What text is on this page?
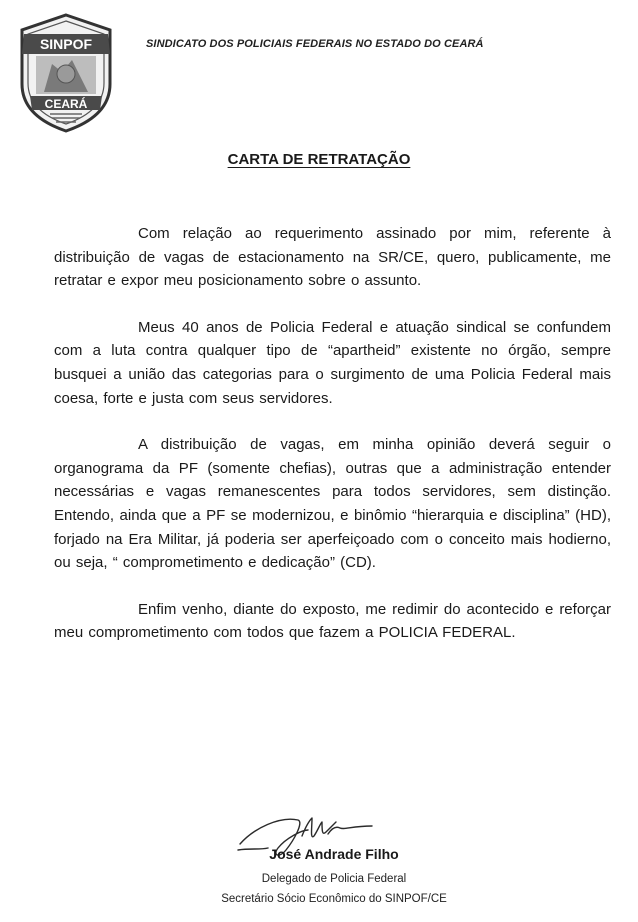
SINPOF
CEARÁ
SINDICATO DOS POLICIAIS FEDERAIS NO ESTADO DO CEARÁ
CARTA DE RETRATAÇÃO

Com relação ao requerimento assinado por mim, referente à distribuição de vagas de estacionamento na SR/CE, quero, publicamente, me retratar e expor meu posicionamento sobre o assunto.

Meus 40 anos de Policia Federal e atuação sindical se confundem com a luta contra qualquer tipo de “apartheid” existente no órgão, sempre busquei a união das categorias para o surgimento de uma Policia Federal mais coesa, forte e justa com seus servidores.

A distribuição de vagas, em minha opinião deverá seguir o organograma da PF (somente chefias), outras que a administração entender necessárias e vagas remanescentes para todos servidores, sem distinção. Entendo, ainda que a PF se modernizou, e binômio “hierarquia e disciplina” (HD), forjado na Era Militar, já poderia ser aperfeiçoado com o conceito mais hodierno, ou seja, “ comprometimento e dedicação” (CD).

Enfim venho, diante do exposto, me redimir do acontecido e reforçar meu comprometimento com todos que fazem a POLICIA FEDERAL.

José Andrade Filho
Delegado de Policia Federal
Secretário Sócio Econômico do SINPOF/CE
